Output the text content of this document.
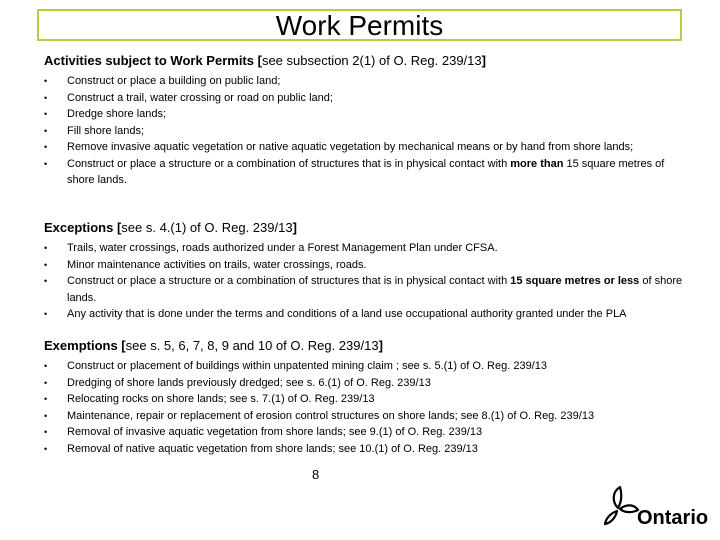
Work Permits

Activities subject to Work Permits [see subsection 2(1) of O. Reg. 239/13]

• Construct or place a building on public land;
• Construct a trail, water crossing or road on public land;
• Dredge shore lands;
• Fill shore lands;
• Remove invasive aquatic vegetation or native aquatic vegetation by mechanical means or by hand from shore lands;
• Construct or place a structure or a combination of structures that is in physical contact with more than 15 square metres of shore lands.

Exceptions [see s. 4.(1) of O. Reg. 239/13]

• Trails, water crossings, roads authorized under a Forest Management Plan under CFSA.
• Minor maintenance activities on trails, water crossings, roads.
• Construct or place a structure or a combination of structures that is in physical contact with 15 square metres or less of shore lands.
• Any activity that is done under the terms and conditions of a land use occupational authority granted under the PLA

Exemptions [see s. 5, 6, 7, 8, 9 and 10 of O. Reg. 239/13]

• Construct or placement of buildings within unpatented mining claim ; see s. 5.(1) of O. Reg. 239/13
• Dredging of shore lands previously dredged; see s. 6.(1) of O. Reg. 239/13
• Relocating rocks on shore lands; see s. 7.(1) of O. Reg. 239/13
• Maintenance, repair or replacement of erosion control structures on shore lands; see 8.(1) of O. Reg. 239/13
• Removal of invasive aquatic vegetation from shore lands; see 9.(1) of O. Reg. 239/13
• Removal of native aquatic vegetation from shore lands; see 10.(1) of O. Reg. 239/13
8
Ontario
